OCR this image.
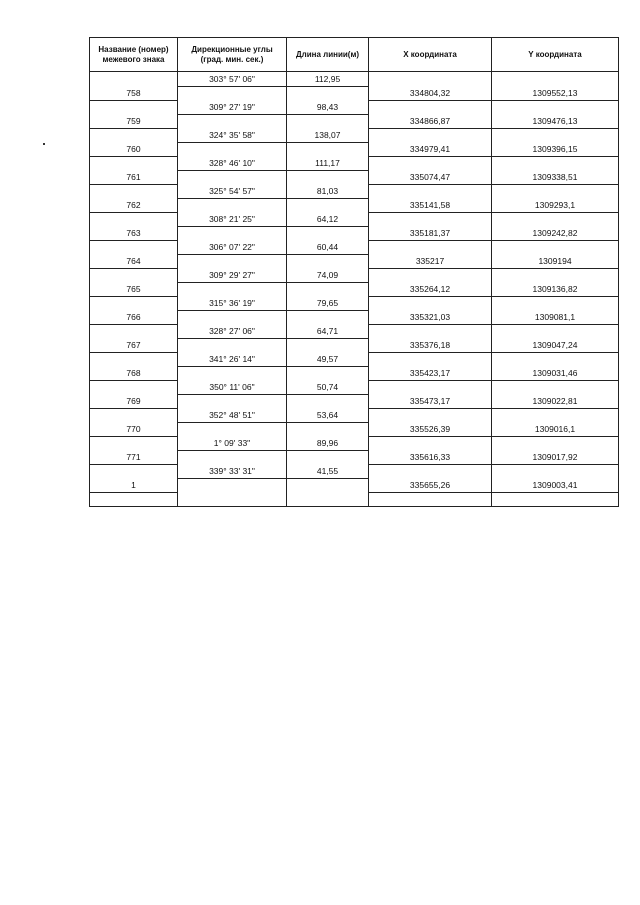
Название (номер) межевого знака	Дирекционные углы (град. мин. сек.)	Длина линии(м)	X координата	Y координата
	303° 57' 06"	112,95		
758			334804,32	1309552,13
	309° 27' 19"	98,43		
759			334866,87	1309476,13
	324° 35' 58"	138,07		
760			334979,41	1309396,15
	328° 46' 10"	111,17		
761			335074,47	1309338,51
	325° 54' 57"	81,03		
762			335141,58	1309293,1
	308° 21' 25"	64,12		
763			335181,37	1309242,82
	306° 07' 22"	60,44		
764			335217	1309194
	309° 29' 27"	74,09		
765			335264,12	1309136,82
	315° 36' 19"	79,65		
766			335321,03	1309081,1
	328° 27' 06"	64,71		
767			335376,18	1309047,24
	341° 26' 14"	49,57		
768			335423,17	1309031,46
	350° 11' 06"	50,74		
769			335473,17	1309022,81
	352° 48' 51"	53,64		
770			335526,39	1309016,1
	1° 09' 33"	89,96		
771			335616,33	1309017,92
	339° 33' 31"	41,55		
1			335655,26	1309003,41
